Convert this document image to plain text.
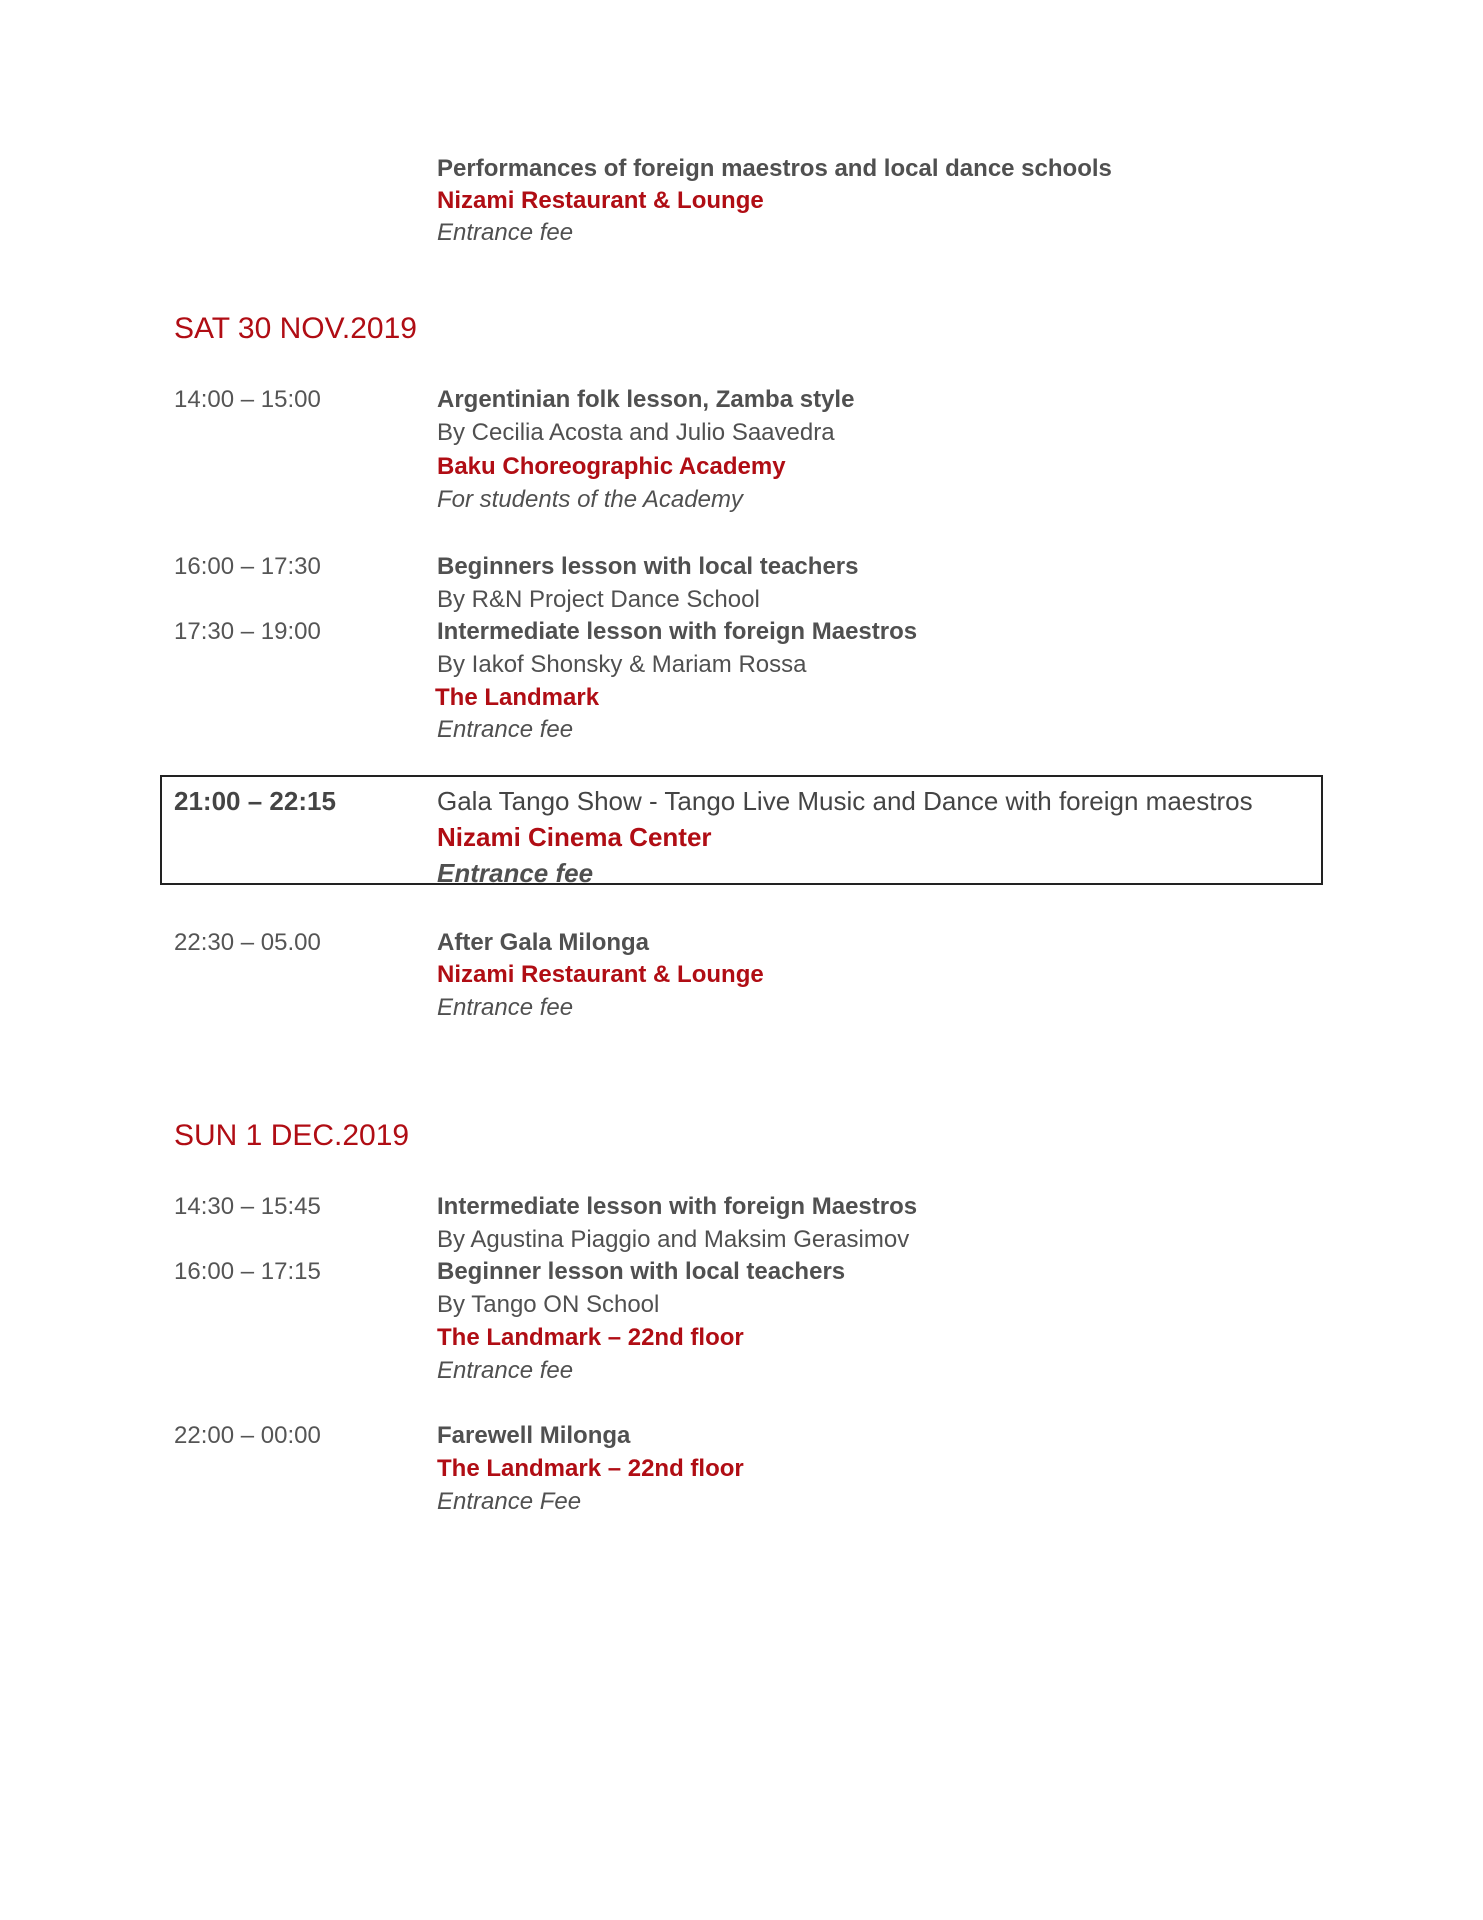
Performances of foreign maestros and local dance schools
Nizami Restaurant & Lounge
Entrance fee
SAT 30 NOV.2019
14:00 – 15:00	Argentinian folk lesson, Zamba style
By Cecilia Acosta and Julio Saavedra
Baku Choreographic Academy
For students of the Academy
16:00 – 17:30	Beginners lesson with local teachers
By R&N Project Dance School
17:30 – 19:00	Intermediate lesson with foreign Maestros
By Iakof Shonsky & Mariam Rossa
The Landmark
Entrance fee
21:00 – 22:15	Gala Tango Show - Tango Live Music and Dance with foreign maestros
Nizami Cinema Center
Entrance fee
22:30 – 05.00	After Gala Milonga
Nizami Restaurant & Lounge
Entrance fee
SUN 1 DEC.2019
14:30 – 15:45	Intermediate lesson with foreign Maestros
By Agustina Piaggio and Maksim Gerasimov
16:00 – 17:15	Beginner lesson with local teachers
By Tango ON School
The Landmark – 22nd floor
Entrance fee
22:00 – 00:00	Farewell Milonga
The Landmark – 22nd floor
Entrance Fee
